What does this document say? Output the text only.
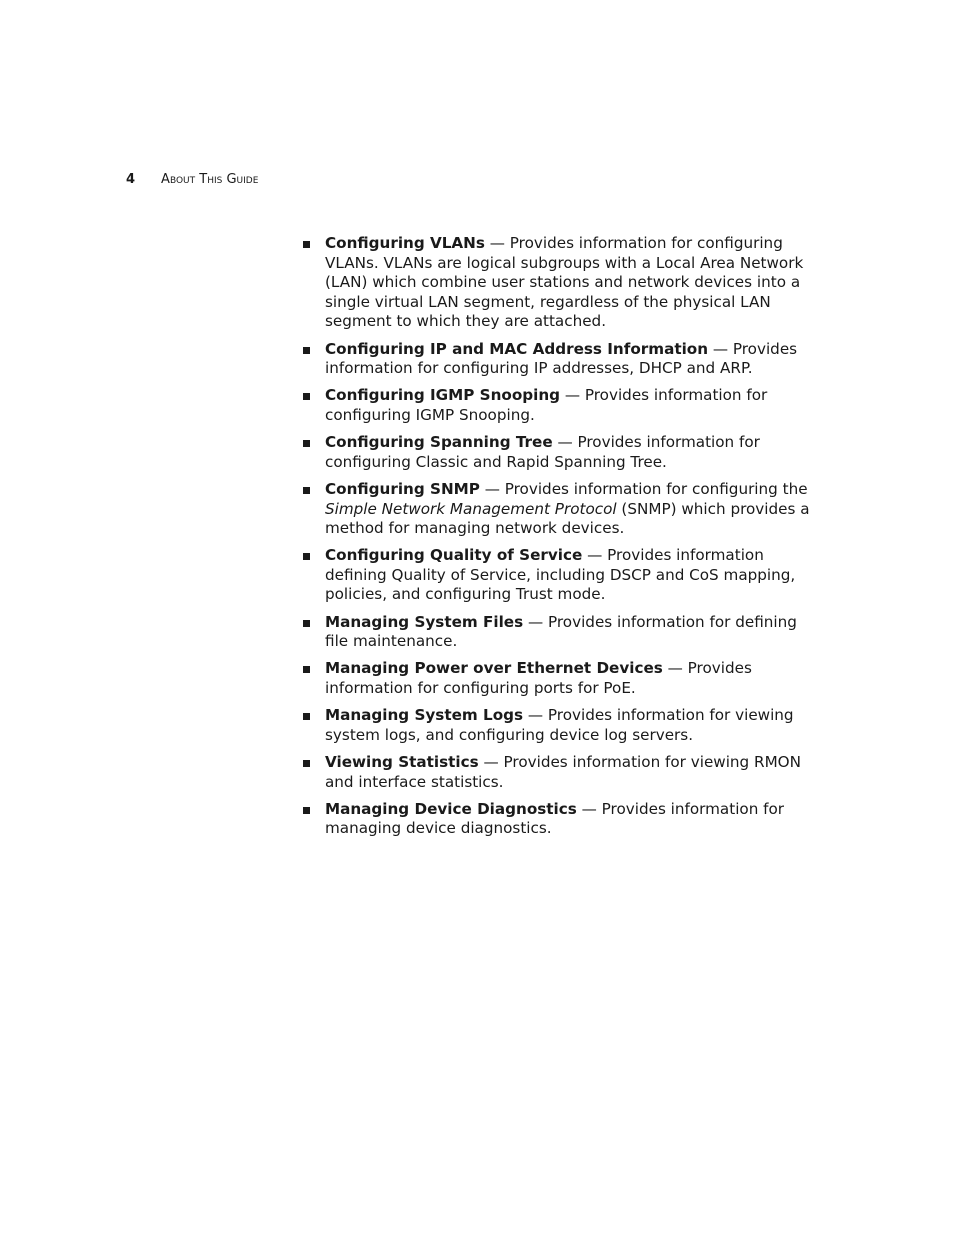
4 About This Guide
Configuring VLANs — Provides information for configuring VLANs. VLANs are logical subgroups with a Local Area Network (LAN) which combine user stations and network devices into a single virtual LAN segment, regardless of the physical LAN segment to which they are attached.
Configuring IP and MAC Address Information — Provides information for configuring IP addresses, DHCP and ARP.
Configuring IGMP Snooping — Provides information for configuring IGMP Snooping.
Configuring Spanning Tree — Provides information for configuring Classic and Rapid Spanning Tree.
Configuring SNMP — Provides information for configuring the Simple Network Management Protocol (SNMP) which provides a method for managing network devices.
Configuring Quality of Service — Provides information defining Quality of Service, including DSCP and CoS mapping, policies, and configuring Trust mode.
Managing System Files — Provides information for defining file maintenance.
Managing Power over Ethernet Devices — Provides information for configuring ports for PoE.
Managing System Logs — Provides information for viewing system logs, and configuring device log servers.
Viewing Statistics — Provides information for viewing RMON and interface statistics.
Managing Device Diagnostics — Provides information for managing device diagnostics.
